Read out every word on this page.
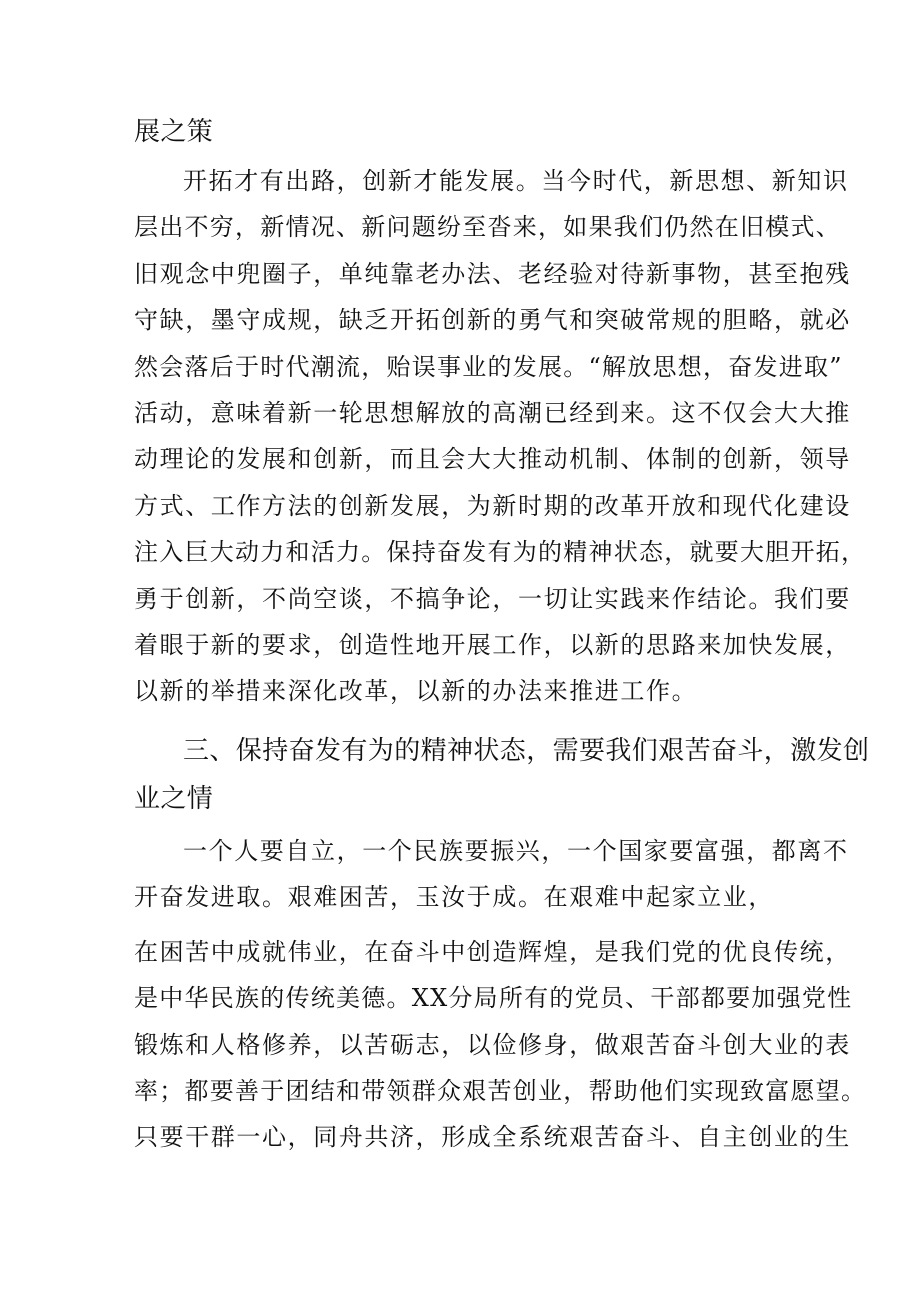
展之策
开拓才有出路，创新才能发展。当今时代，新思想、新知识
层出不穷，新情况、新问题纷至沓来，如果我们仍然在旧模式、
旧观念中兜圈子，单纯靠老办法、老经验对待新事物，甚至抱残
守缺，墨守成规，缺乏开拓创新的勇气和突破常规的胆略，就必
然会落后于时代潮流，贻误事业的发展。“解放思想，奋发进取”
活动，意味着新一轮思想解放的高潮已经到来。这不仅会大大推
动理论的发展和创新，而且会大大推动机制、体制的创新，领导
方式、工作方法的创新发展，为新时期的改革开放和现代化建设
注入巨大动力和活力。保持奋发有为的精神状态，就要大胆开拓，
勇于创新，不尚空谈，不搞争论，一切让实践来作结论。我们要
着眼于新的要求，创造性地开展工作，以新的思路来加快发展，
以新的举措来深化改革，以新的办法来推进工作。
三、保持奋发有为的精神状态，需要我们艰苦奋斗，激发创
业之情
一个人要自立，一个民族要振兴，一个国家要富强，都离不
开奋发进取。艰难困苦，玉汝于成。在艰难中起家立业，
在困苦中成就伟业，在奋斗中创造辉煌，是我们党的优良传统，
是中华民族的传统美德。XX分局所有的党员、干部都要加强党性
锻炼和人格修养，以苦砺志，以俭修身，做艰苦奋斗创大业的表
率；都要善于团结和带领群众艰苦创业，帮助他们实现致富愿望。
只要干群一心，同舟共济，形成全系统艰苦奋斗、自主创业的生
